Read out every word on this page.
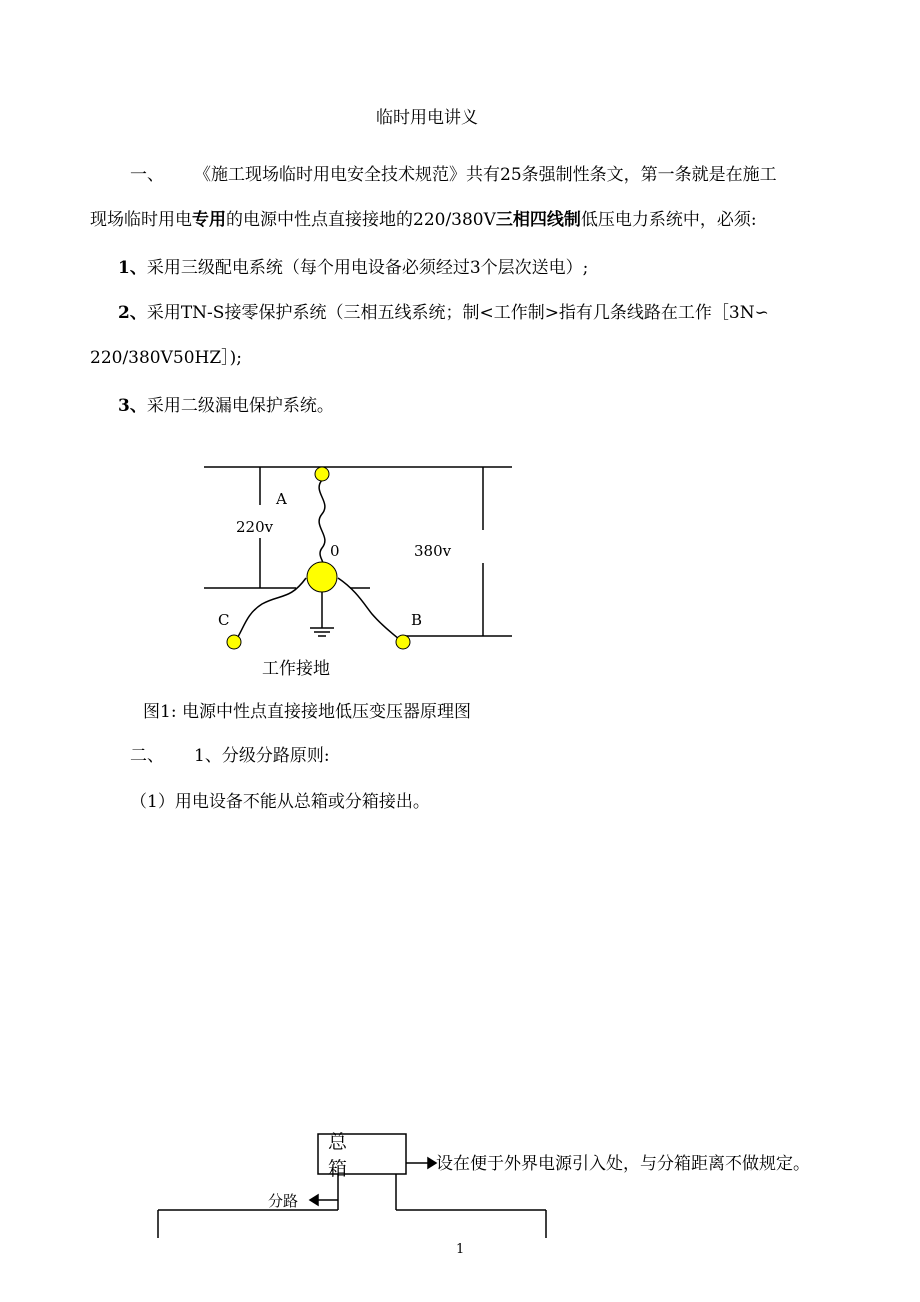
临时用电讲义
一、 《施工现场临时用电安全技术规范》共有25条强制性条文，第一条就是在施工
现场临时用电专用的电源中性点直接接地的220/380V三相四线制低压电力系统中，必须:
1、采用三级配电系统（每个用电设备必须经过3个层次送电）;
2、采用TN-S接零保护系统（三相五线系统；制<工作制>指有几条线路在工作［3N∽
220/380V50HZ］);
3、采用二级漏电保护系统。
A
220v
0	380v
C	B
工作接地
图1: 电源中性点直接接地低压变压器原理图
二、 1、分级分路原则:
（1）用电设备不能从总箱或分箱接出。
总 箱	设在便于外界电源引入处，与分箱距离不做规定。
分路
1
